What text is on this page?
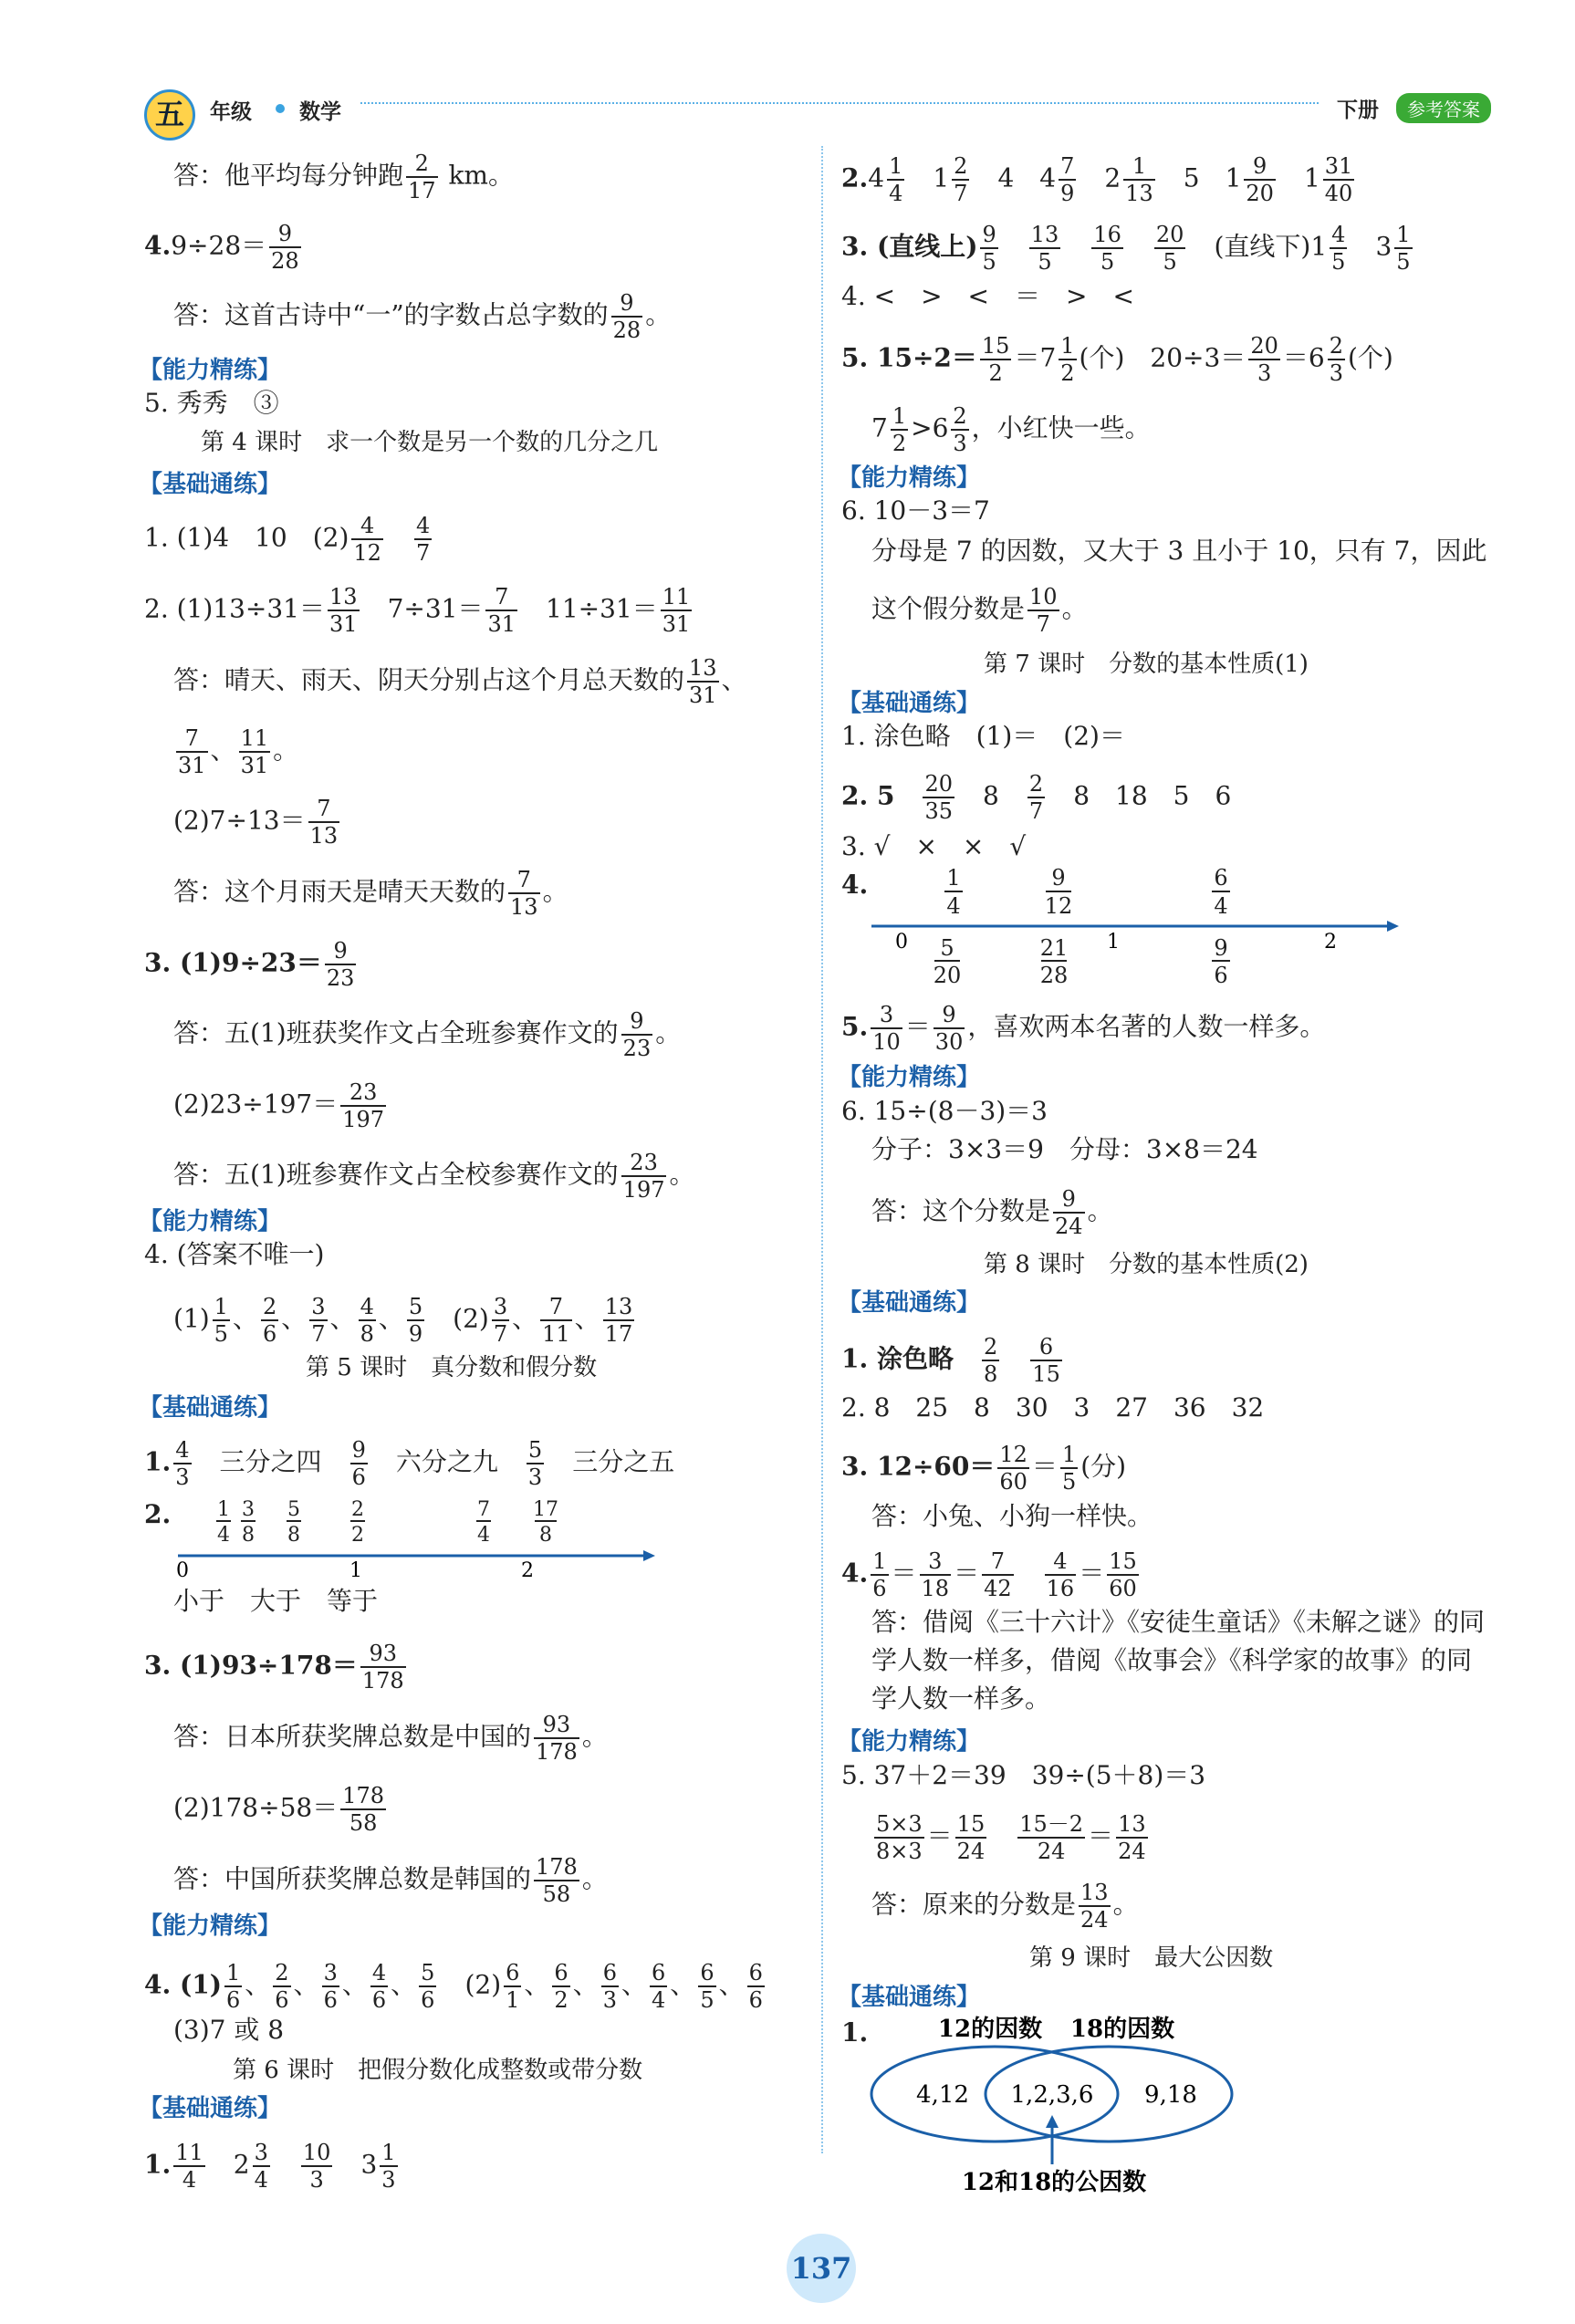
五	年级 数学	下册	参考答案
答：他平均每分钟跑 $\frac{2}{17}$ km。
$4.9\div 28= \frac{9}{28}$
答：这首古诗中“一”的字数占总字数的 $\frac{9}{28}$ 。
【能力精练】
5. 秀秀　③
第 4 课时　求一个数是另一个数的几分之几
【基础通练】
1. (1)4　10　$(2) \frac{4}{12}$
　 $\frac{4}{7}$
2. $(1)13\div 31= \frac{13}{31}$
　 $7\div 31= \frac{7}{31}$
　 $11\div 31= \frac{11}{31}$
答：晴天、雨天、阴天分别占这个月总天数的 $\frac{13}{31}$ 、
$\frac{7}{31}$ 、 $\frac{11}{31}$ 。
$(2)7\div 13= \frac{7}{13}$
答：这个月雨天是晴天天数的 $\frac{7}{13}$ 。
3. $(1)9\div 23= \frac{9}{23}$
答：五(1)班获奖作文占全班参赛作文的 $\frac{9}{23}$ 。
$(2)23\div 197= \frac{23}{197}$
答：五(1)班参赛作文占全校参赛作文的 $\frac{23}{197}$ 。
【能力精练】
4. (答案不唯一)
$(1) \frac{1}{5}$ 、 $\frac{2}{6}$ 、 $\frac{3}{7}$ 、 $\frac{4}{8}$ 、 $\frac{5}{9}$
　 $(2) \frac{3}{7}$ 、 $\frac{7}{11}$ 、 $\frac{13}{17}$
第 5 课时　真分数和假分数
【基础通练】
1. $\frac{4}{3}$
　 三分之四　 $\frac{9}{6}$
　 六分之九　 $\frac{5}{3}$
　 三分之五
2. 1
4
3
8
5
8
2
2
7
4
17
8
0	1	2
小于　大于　等于
3. $(1)93\div 178= \frac{93}{178}$
答：日本所获奖牌总数是中国的 $\frac{93}{178}$ 。
$(2)178\div 58= \frac{178}{58}$
答：中国所获奖牌总数是韩国的 $\frac{178}{58}$ 。
【能力精练】
4. $(1) \frac{1}{6}$ 、 $\frac{2}{6}$ 、 $\frac{3}{6}$ 、 $\frac{4}{6}$ 、 $\frac{5}{6}$
　 $(2) \frac{6}{1}$ 、 $\frac{6}{2}$ 、 $\frac{6}{3}$ 、 $\frac{6}{4}$ 、 $\frac{6}{5}$ 、 $\frac{6}{6}$
(3)7 或 8
第 6 课时　把假分数化成整数或带分数
【基础通练】
1. $\frac{11}{4}$ 　$2 \frac{3}{4}$
　 $\frac{10}{3}$ 　$3 \frac{1}{3}$
$2.4 \frac{1}{4}$ 　$1 \frac{2}{7}$ 　4　$4 \frac{7}{9}$ 　$2 \frac{1}{13}$ 　5　$1 \frac{9}{20}$ 　$1 \frac{31}{40}$
3. (直线上) $\frac{9}{5}$
　 $\frac{13}{5}$
　 $\frac{16}{5}$
　 $\frac{20}{5}$
　 (直线下)$1 \frac{4}{5}$ 　$3 \frac{1}{5}$
4. <　>　<　＝　>　<
5. $15\div 2= \frac{15}{2} =7 \frac{1}{2}$ (个)　$20\div 3= \frac{20}{3} =6 \frac{2}{3}$ (个)
$7 \frac{1}{2} >6 \frac{2}{3}$ ，小红快一些。
【能力精练】
6. 10－3＝7
分母是 7 的因数，又大于 3 且小于 10，只有 7，因此
这个假分数是 $\frac{10}{7}$ 。
第 7 课时　分数的基本性质(1)
【基础通练】
1. 涂色略　(1)＝　(2)＝
2. 5　 $\frac{20}{35}$
　 8　 $\frac{2}{7}$
　 8　18　5　6
3. √　×　×　√
4.	1
4
9
12
6
4
5
20
21
28
9
6
0	1	2
5. $\frac{3}{10} = \frac{9}{30}$ ，喜欢两本名著的人数一样多。
【能力精练】
6. 15÷(8－3)＝3
分子：3×3＝9　分母：3×8＝24
答：这个分数是 $\frac{9}{24}$ 。
第 8 课时　分数的基本性质(2)
【基础通练】
1. 涂色略　 $\frac{2}{8}$
　 $\frac{6}{15}$
2. 8　25　8　30　3　27　36　32
3. $12\div 60= \frac{12}{60} = \frac{1}{5}$ (分)
答：小兔、小狗一样快。
4. $\frac{1}{6} = \frac{3}{18} = \frac{7}{42}$
　 $\frac{4}{16} = \frac{15}{60}$
答：借阅《三十六计》《安徒生童话》《未解之谜》的同
学人数一样多，借阅《故事会》《科学家的故事》的同
学人数一样多。
【能力精练】
5. 37＋2＝39　39÷(5＋8)＝3
$\frac{5\times 3}{8\times 3} = \frac{15}{24}$
　 $\frac{15-2}{24} = \frac{13}{24}$
答：原来的分数是 $\frac{13}{24}$ 。
第 9 课时　最大公因数
【基础通练】
1.	12的因数 18的因数
4,12 1,2,3,6 9,18
12和18的公因数
137
